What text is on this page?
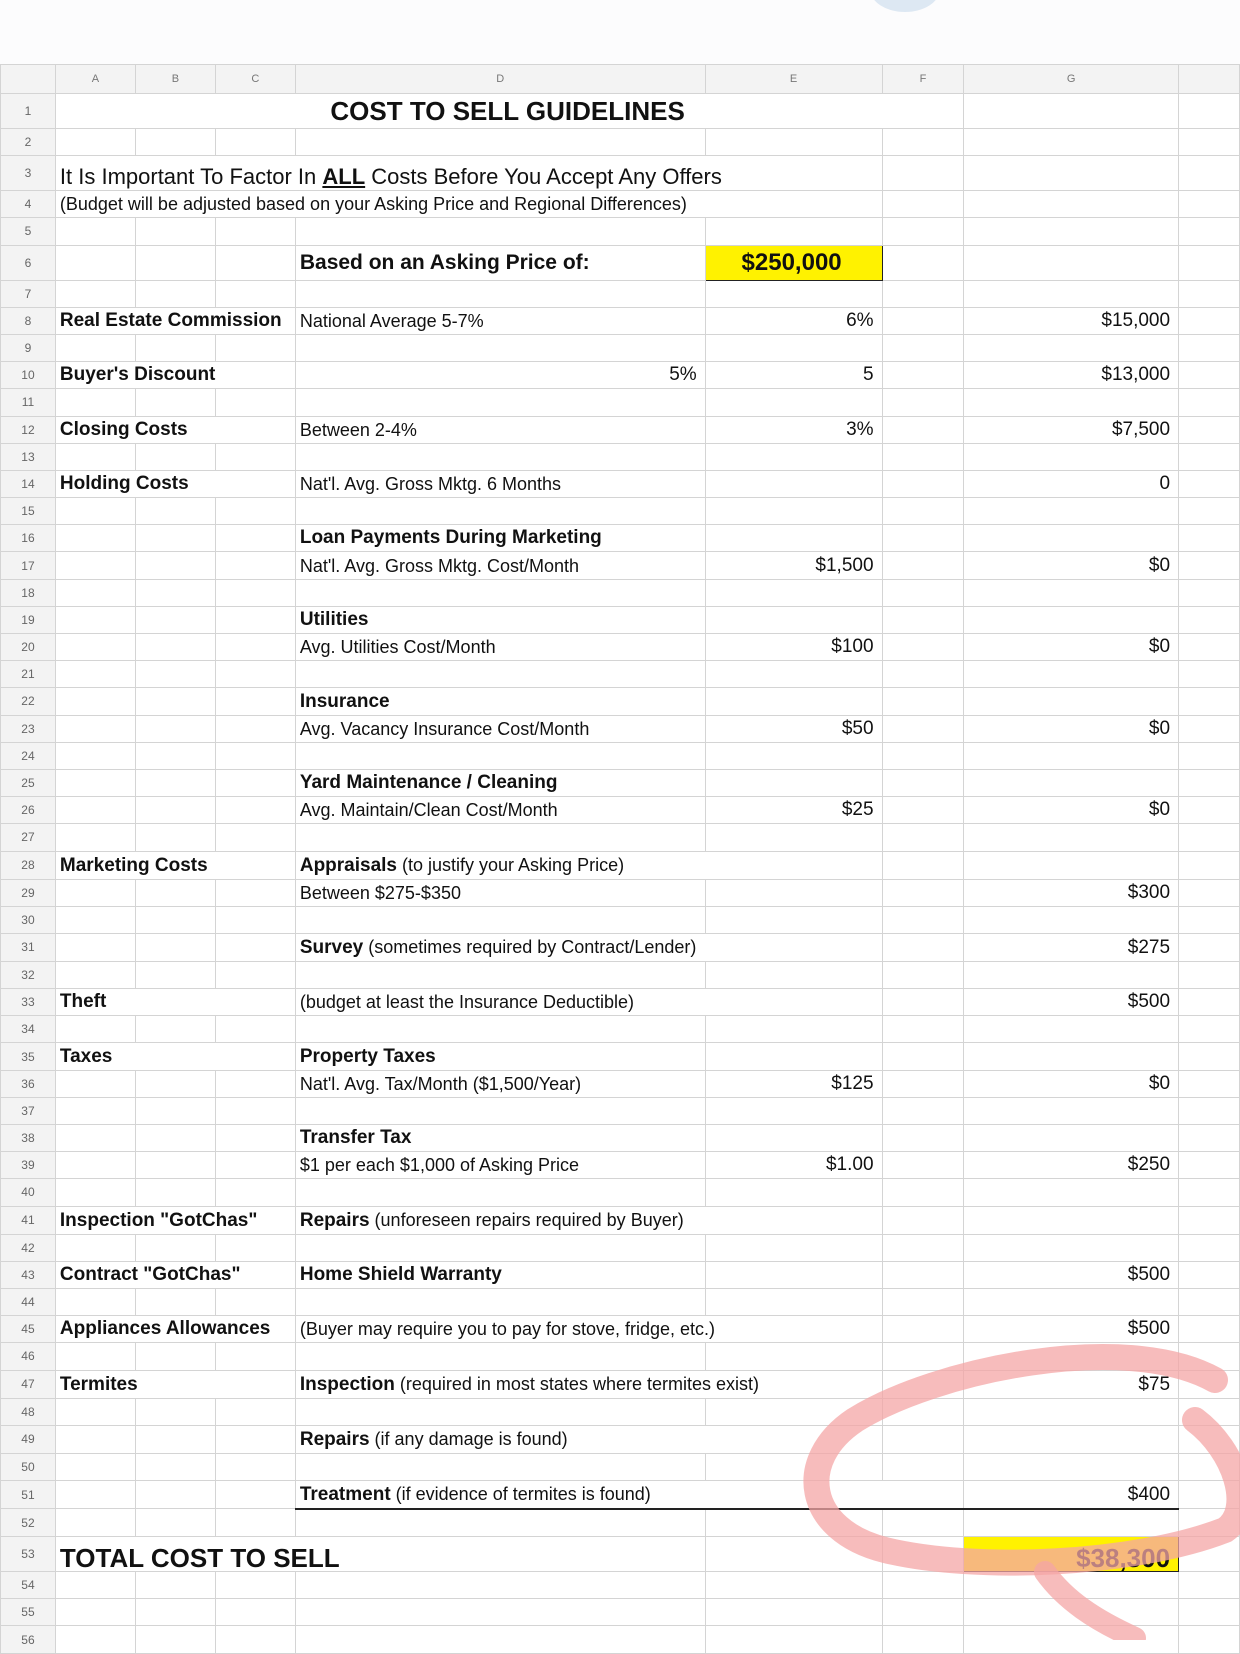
	A	B	C	D	E	F	G	
1	COST TO SELL GUIDELINES							
2								
3	It Is Important To Factor In ALL Costs Before You Accept Any Offers							
4	(Budget will be adjusted based on your Asking Price and Regional Differences)							
5								
6				Based on an Asking Price of:	$250,000			
7								
8	Real Estate Commission			National Average 5-7%	6%		$15,000	
9								
10	Buyer's Discount			5%	5		$13,000	
11								
12	Closing Costs			Between 2-4%	3%		$7,500	
13								
14	Holding Costs			Nat'l. Avg. Gross Mktg. 6 Months			0	
15								
16				Loan Payments During Marketing				
17				Nat'l. Avg. Gross Mktg. Cost/Month	$1,500		$0	
18								
19				Utilities				
20				Avg. Utilities Cost/Month	$100		$0	
21								
22				Insurance				
23				Avg. Vacancy Insurance Cost/Month	$50		$0	
24								
25				Yard Maintenance / Cleaning				
26				Avg. Maintain/Clean Cost/Month	$25		$0	
27								
28	Marketing Costs			Appraisals (to justify your Asking Price)				
29				Between $275-$350			$300	
30								
31				Survey (sometimes required by Contract/Lender)			$275	
32								
33	Theft			(budget at least the Insurance Deductible)			$500	
34								
35	Taxes			Property Taxes				
36				Nat'l. Avg. Tax/Month ($1,500/Year)	$125		$0	
37								
38				Transfer Tax				
39				$1 per each $1,000 of Asking Price	$1.00		$250	
40								
41	Inspection "GotChas"			Repairs (unforeseen repairs required by Buyer)				
42								
43	Contract "GotChas"			Home Shield Warranty			$500	
44								
45	Appliances Allowances			(Buyer may require you to pay for stove, fridge, etc.)			$500	
46								
47	Termites			Inspection (required in most states where termites exist)			$75	
48								
49				Repairs (if any damage is found)				
50								
51				Treatment (if evidence of termites is found)			$400	
52								
53	TOTAL COST TO SELL						$38,300	
54								
55								
56								
